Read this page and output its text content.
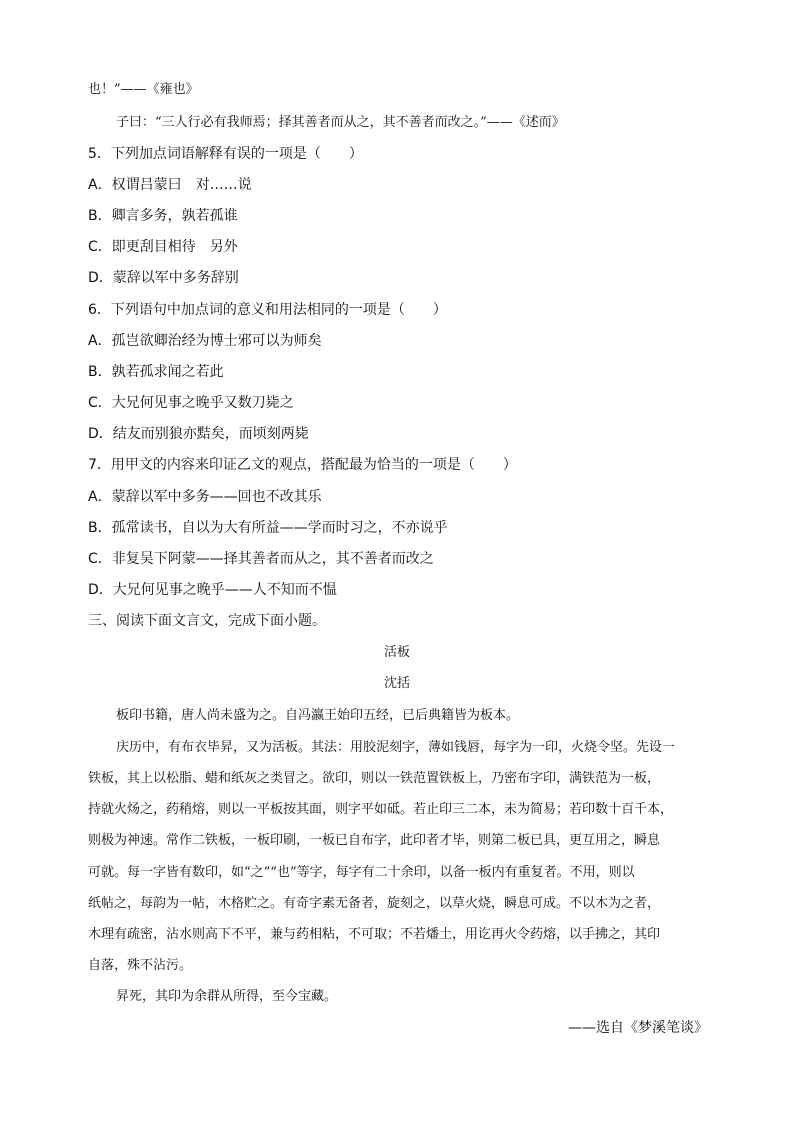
也！”——《雍也》
子曰：“三人行必有我师焉；择其善者而从之，其不善者而改之。”——《述而》
5．下列加点词语解释有误的一项是（　　）
A．权谓吕蒙曰　对……说
B．卿言多务，孰若孤谁
C．即更刮目相待　另外
D．蒙辞以军中多务辞别
6．下列语句中加点词的意义和用法相同的一项是（　　）
A．孤岂欲卿治经为博士邪可以为师矣
B．孰若孤求闻之若此
C．大兄何见事之晚乎又数刀毙之
D．结友而别狼亦黠矣，而顷刻两毙
7．用甲文的内容来印证乙文的观点，搭配最为恰当的一项是（　　）
A．蒙辞以军中多务——回也不改其乐
B．孤常读书，自以为大有所益——学而时习之，不亦说乎
C．非复吴下阿蒙——择其善者而从之，其不善者而改之
D．大兄何见事之晚乎——人不知而不愠
三、阅读下面文言文，完成下面小题。
活板
沈括
板印书籍，唐人尚未盛为之。自冯瀛王始印五经，已后典籍皆为板本。
庆历中，有布衣毕昇，又为活板。其法：用胶泥刻字，薄如钱唇，每字为一印，火烧令坚。先设一
铁板，其上以松脂、蜡和纸灰之类冒之。欲印，则以一铁范置铁板上，乃密布字印，满铁范为一板，
持就火炀之，药稍熔，则以一平板按其面，则字平如砥。若止印三二本，未为简易；若印数十百千本，
则极为神速。常作二铁板，一板印刷，一板已自布字，此印者才毕，则第二板已具，更互用之，瞬息
可就。每一字皆有数印，如“之”“也”等字，每字有二十余印，以备一板内有重复者。不用，则以
纸帖之，每韵为一帖，木格贮之。有奇字素无备者，旋刻之，以草火烧，瞬息可成。不以木为之者，
木理有疏密，沾水则高下不平，兼与药相粘，不可取；不若燔土，用讫再火令药熔，以手拂之，其印
自落，殊不沾污。
昇死，其印为余群从所得，至今宝藏。
——选自《梦溪笔谈》
